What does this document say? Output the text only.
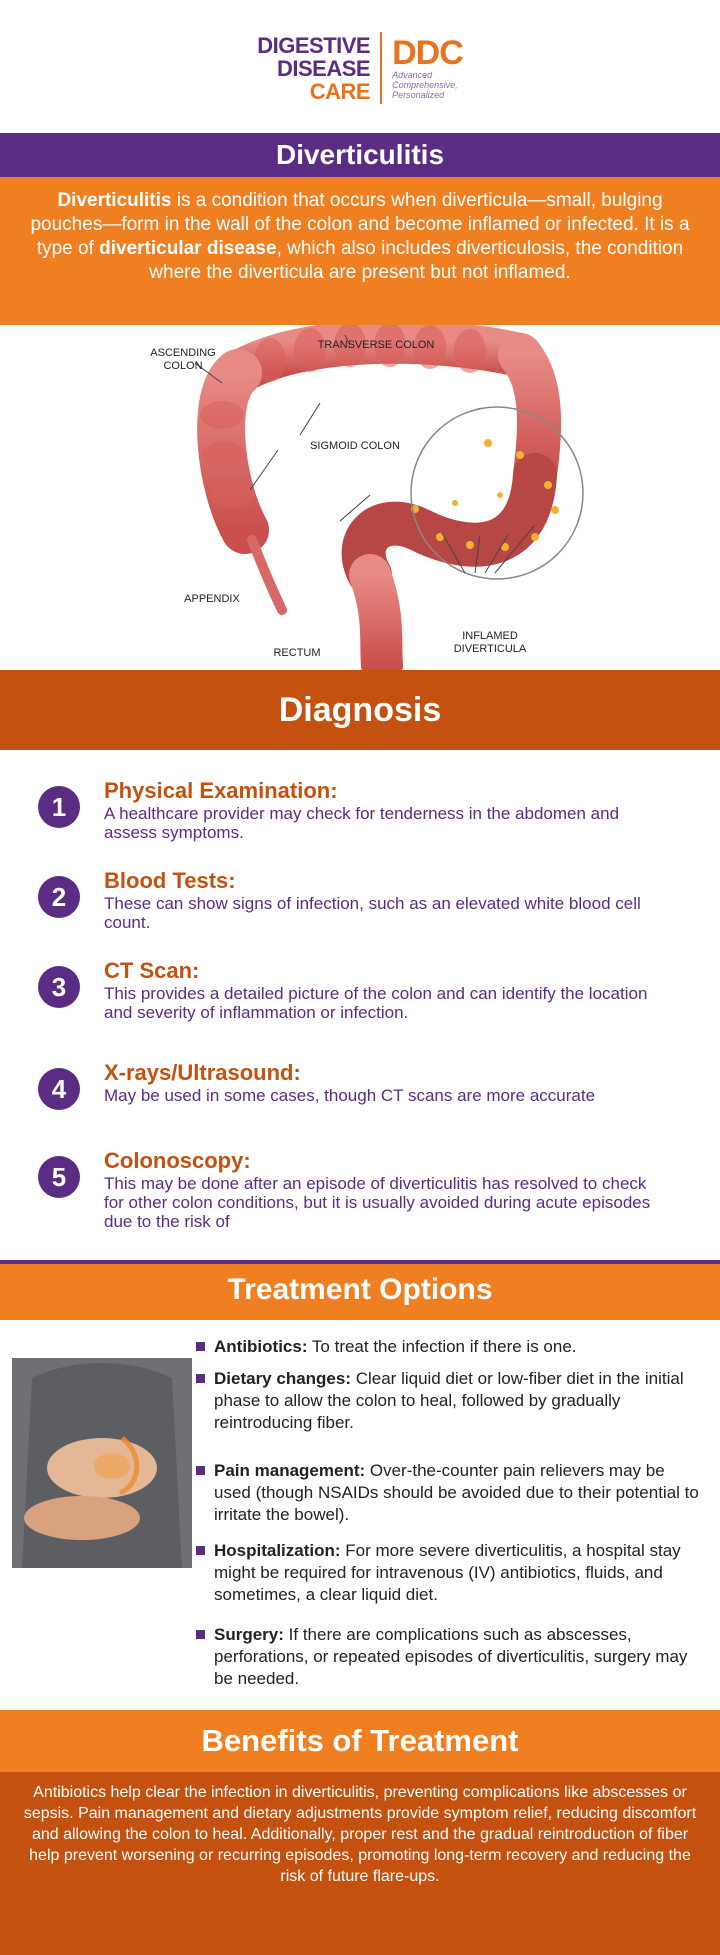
DIGESTIVE
DISEASE
CARE
DDC
Advanced
Comprehensive,
Personalized
Diverticulitis
Diverticulitis is a condition that occurs when diverticula—small, bulging pouches—form in the wall of the colon and become inflamed or infected. It is a type of diverticular disease, which also includes diverticulosis, the condition where the diverticula are present but not inflamed.
ASCENDING
COLON
TRANSVERSE COLON
SIGMOID COLON
APPENDIX
RECTUM
INFLAMED
DIVERTICULA
Diagnosis
1
Physical Examination:
A healthcare provider may check for tenderness in the abdomen and assess symptoms.
2
Blood Tests:
These can show signs of infection, such as an elevated white blood cell count.
3
CT Scan:
This provides a detailed picture of the colon and can identify the location and severity of inflammation or infection.
4
X-rays/Ultrasound:
May be used in some cases, though CT scans are more accurate
5
Colonoscopy:
This may be done after an episode of diverticulitis has resolved to check for other colon conditions, but it is usually avoided during acute episodes due to the risk of
Treatment Options
Antibiotics: To treat the infection if there is one.
Dietary changes: Clear liquid diet or low-fiber diet in the initial phase to allow the colon to heal, followed by gradually reintroducing fiber.
Pain management: Over-the-counter pain relievers may be used (though NSAIDs should be avoided due to their potential to irritate the bowel).
Hospitalization: For more severe diverticulitis, a hospital stay might be required for intravenous (IV) antibiotics, fluids, and sometimes, a clear liquid diet.
Surgery: If there are complications such as abscesses, perforations, or repeated episodes of diverticulitis, surgery may be needed.
Benefits of Treatment
Antibiotics help clear the infection in diverticulitis, preventing complications like abscesses or sepsis. Pain management and dietary adjustments provide symptom relief, reducing discomfort and allowing the colon to heal. Additionally, proper rest and the gradual reintroduction of fiber help prevent worsening or recurring episodes, promoting long-term recovery and reducing the risk of future flare-ups.
